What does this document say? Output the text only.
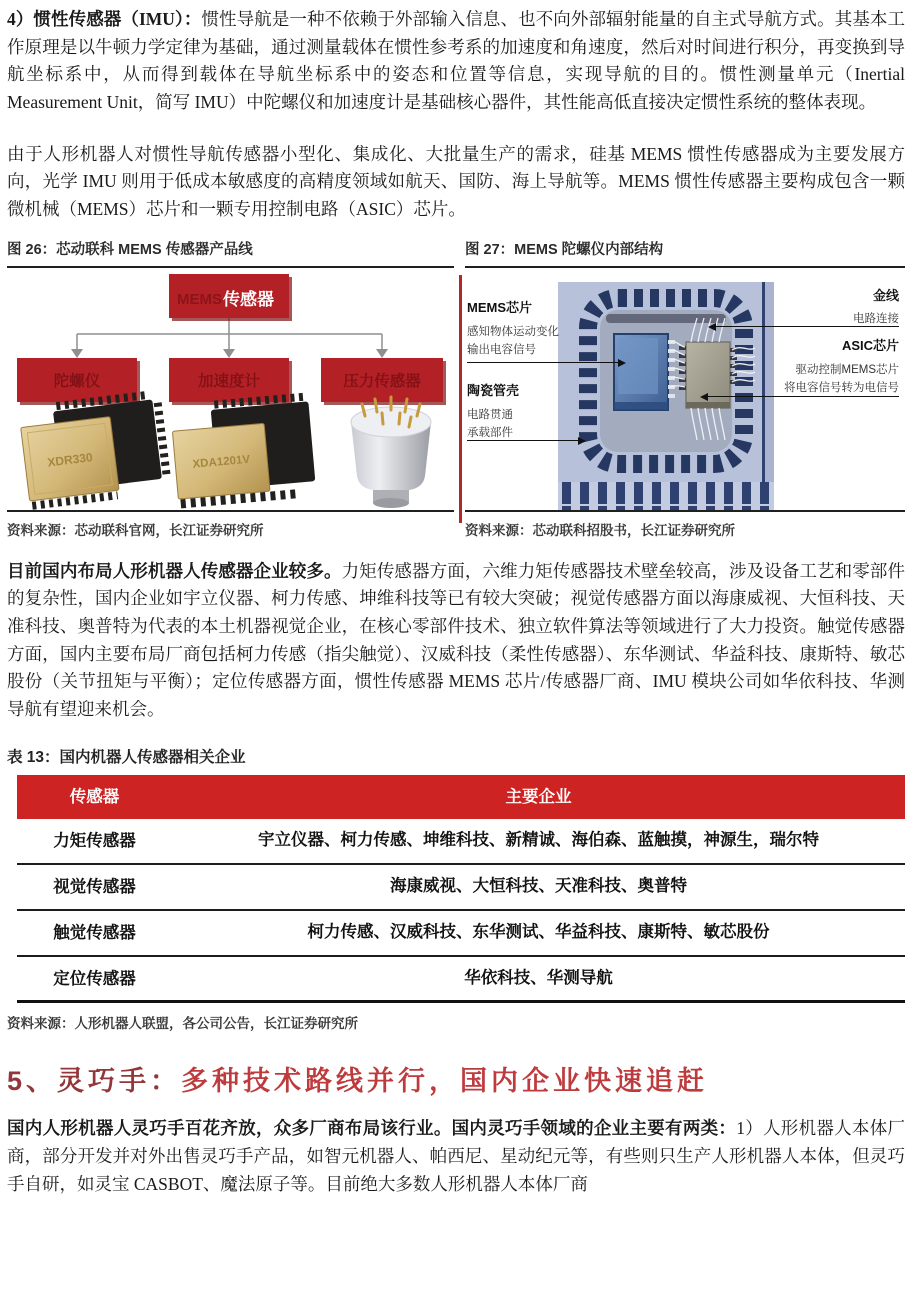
4）惯性传感器（IMU）：惯性导航是一种不依赖于外部输入信息、也不向外部辐射能量的自主式导航方式。其基本工作原理是以牛顿力学定律为基础，通过测量载体在惯性参考系的加速度和角速度，然后对时间进行积分，再变换到导航坐标系中，从而得到载体在导航坐标系中的姿态和位置等信息，实现导航的目的。惯性测量单元（Inertial Measurement Unit，简写 IMU）中陀螺仪和加速度计是基础核心器件，其性能高低直接决定惯性系统的整体表现。

由于人形机器人对惯性导航传感器小型化、集成化、大批量生产的需求，硅基 MEMS 惯性传感器成为主要发展方向，光学 IMU 则用于低成本敏感度的高精度领域如航天、国防、海上导航等。MEMS 惯性传感器主要构成包含一颗微机械（MEMS）芯片和一颗专用控制电路（ASIC）芯片。

图 26：芯动联科 MEMS 传感器产品线
MEMS 传感器
陀螺仪	加速度计	压力传感器
XDR330	XDA1201V
资料来源：芯动联科官网，长江证券研究所
图 27：MEMS 陀螺仪内部结构
MEMS芯片
感知物体运动变化
输出电容信号
陶瓷管壳
电路贯通
承载部件
金线
电路连接
ASIC芯片
驱动控制MEMS芯片
将电容信号转为电信号
资料来源：芯动联科招股书，长江证券研究所

目前国内布局人形机器人传感器企业较多。力矩传感器方面，六维力矩传感器技术壁垒较高，涉及设备工艺和零部件的复杂性，国内企业如宇立仪器、柯力传感、坤维科技等已有较大突破；视觉传感器方面以海康威视、大恒科技、天准科技、奥普特为代表的本土机器视觉企业，在核心零部件技术、独立软件算法等领域进行了大力投资。触觉传感器方面，国内主要布局厂商包括柯力传感（指尖触觉）、汉威科技（柔性传感器）、东华测试、华益科技、康斯特、敏芯股份（关节扭矩与平衡）；定位传感器方面，惯性传感器 MEMS 芯片/传感器厂商、IMU 模块公司如华依科技、华测导航有望迎来机会。

表 13：国内机器人传感器相关企业
传感器	主要企业
力矩传感器	宇立仪器、柯力传感、坤维科技、新精诚、海伯森、蓝触摸，神源生，瑞尔特
视觉传感器	海康威视、大恒科技、天准科技、奥普特
触觉传感器	柯力传感、汉威科技、东华测试、华益科技、康斯特、敏芯股份
定位传感器	华依科技、华测导航
资料来源：人形机器人联盟，各公司公告，长江证券研究所
5、灵巧手：多种技术路线并行，国内企业快速追赶

国内人形机器人灵巧手百花齐放，众多厂商布局该行业。国内灵巧手领域的企业主要有两类：1）人形机器人本体厂商，部分开发并对外出售灵巧手产品，如智元机器人、帕西尼、星动纪元等，有些则只生产人形机器人本体，但灵巧手自研，如灵宝 CASBOT、魔法原子等。目前绝大多数人形机器人本体厂商
